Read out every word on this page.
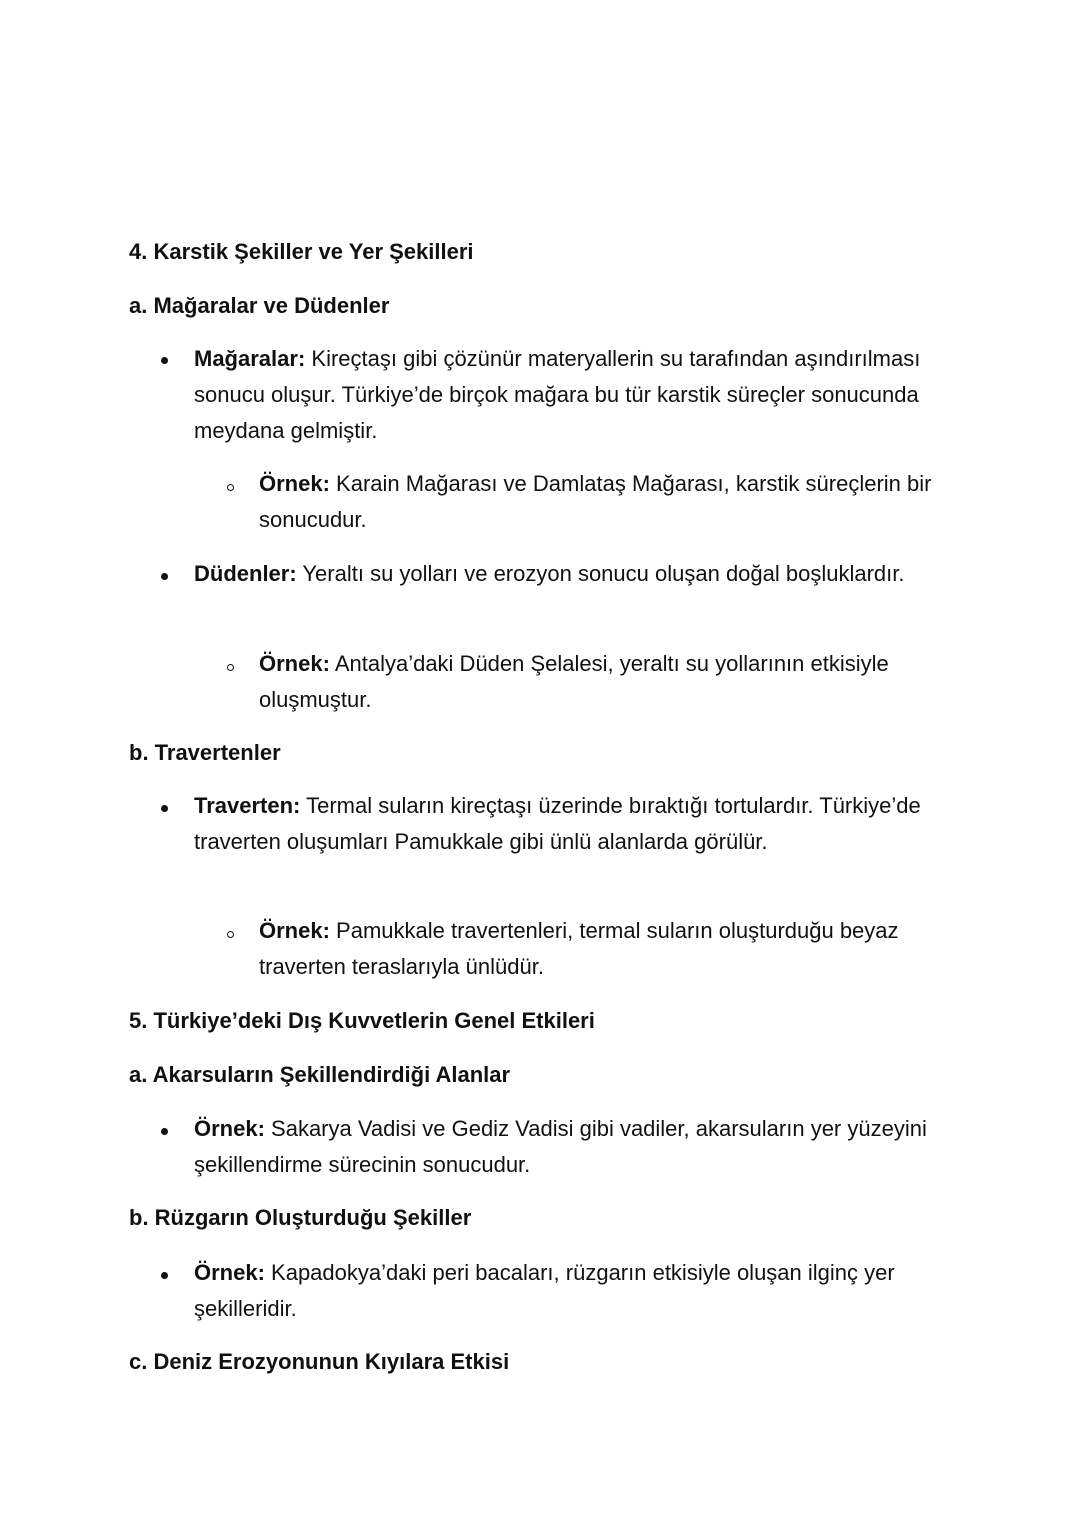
4. Karstik Şekiller ve Yer Şekilleri
a. Mağaralar ve Düdenler

Mağaralar: Kireçtaşı gibi çözünür materyallerin su tarafından aşındırılması sonucu oluşur. Türkiye’de birçok mağara bu tür karstik süreçler sonucunda meydana gelmiştir.

Örnek: Karain Mağarası ve Damlataş Mağarası, karstik süreçlerin bir sonucudur.

Düdenler: Yeraltı su yolları ve erozyon sonucu oluşan doğal boşluklardır.

Örnek: Antalya’daki Düden Şelalesi, yeraltı su yollarının etkisiyle oluşmuştur.

b. Travertenler

Traverten: Termal suların kireçtaşı üzerinde bıraktığı tortulardır. Türkiye’de traverten oluşumları Pamukkale gibi ünlü alanlarda görülür.

Örnek: Pamukkale travertenleri, termal suların oluşturduğu beyaz traverten teraslarıyla ünlüdür.

5. Türkiye’deki Dış Kuvvetlerin Genel Etkileri
a. Akarsuların Şekillendirdiği Alanlar

Örnek: Sakarya Vadisi ve Gediz Vadisi gibi vadiler, akarsuların yer yüzeyini şekillendirme sürecinin sonucudur.

b. Rüzgarın Oluşturduğu Şekiller

Örnek: Kapadokya’daki peri bacaları, rüzgarın etkisiyle oluşan ilginç yer şekilleridir.

c. Deniz Erozyonunun Kıyılara Etkisi
